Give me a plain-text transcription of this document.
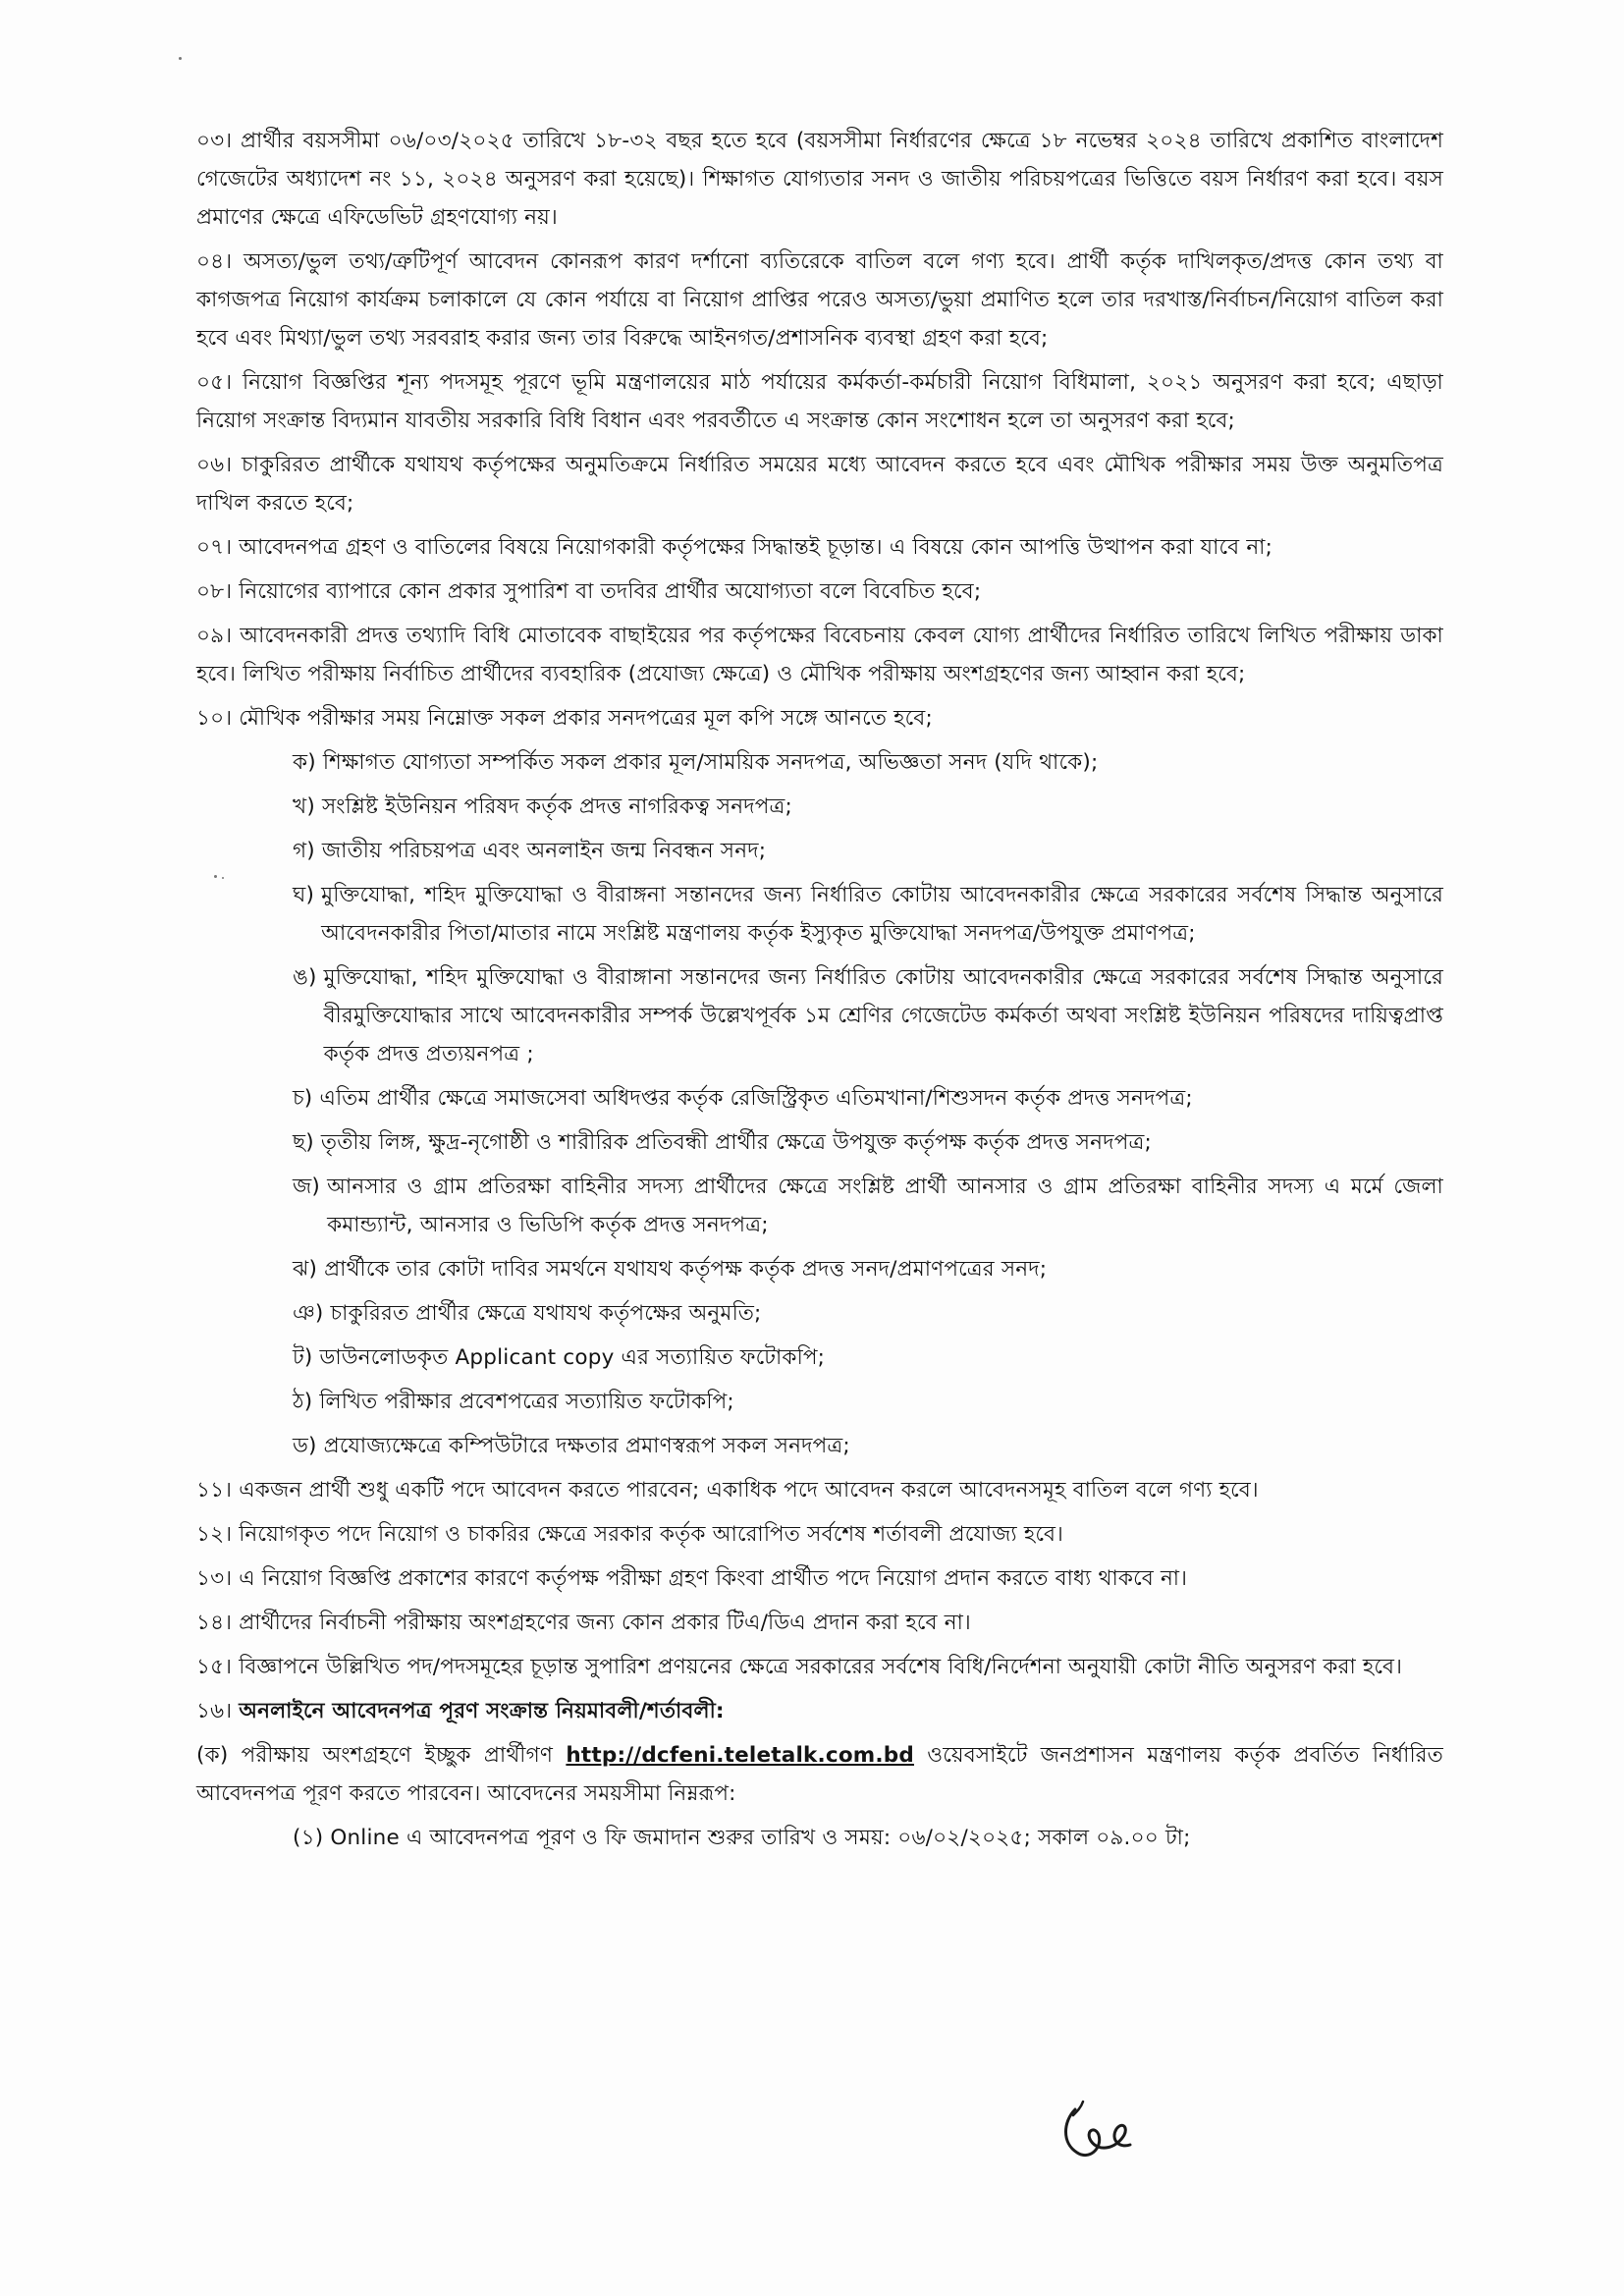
০৩। প্রার্থীর বয়সসীমা ০৬/০৩/২০২৫ তারিখে ১৮-৩২ বছর হতে হবে (বয়সসীমা নির্ধারণের ক্ষেত্রে ১৮ নভেম্বর ২০২৪ তারিখে প্রকাশিত বাংলাদেশ গেজেটের অধ্যাদেশ নং ১১, ২০২৪ অনুসরণ করা হয়েছে)। শিক্ষাগত যোগ্যতার সনদ ও জাতীয় পরিচয়পত্রের ভিত্তিতে বয়স নির্ধারণ করা হবে। বয়স প্রমাণের ক্ষেত্রে এফিডেভিট গ্রহণযোগ্য নয়।

০৪। অসত্য/ভুল তথ্য/ত্রুটিপূর্ণ আবেদন কোনরূপ কারণ দর্শানো ব্যতিরেকে বাতিল বলে গণ্য হবে। প্রার্থী কর্তৃক দাখিলকৃত/প্রদত্ত কোন তথ্য বা কাগজপত্র নিয়োগ কার্যক্রম চলাকালে যে কোন পর্যায়ে বা নিয়োগ প্রাপ্তির পরেও অসত্য/ভুয়া প্রমাণিত হলে তার দরখাস্ত/নির্বাচন/নিয়োগ বাতিল করা হবে এবং মিথ্যা/ভুল তথ্য সরবরাহ করার জন্য তার বিরুদ্ধে আইনগত/প্রশাসনিক ব্যবস্থা গ্রহণ করা হবে;

০৫। নিয়োগ বিজ্ঞপ্তির শূন্য পদসমূহ পূরণে ভূমি মন্ত্রণালয়ের মাঠ পর্যায়ের কর্মকর্তা-কর্মচারী নিয়োগ বিধিমালা, ২০২১ অনুসরণ করা হবে; এছাড়া নিয়োগ সংক্রান্ত বিদ্যমান যাবতীয় সরকারি বিধি বিধান এবং পরবর্তীতে এ সংক্রান্ত কোন সংশোধন হলে তা অনুসরণ করা হবে;

০৬। চাকুরিরত প্রার্থীকে যথাযথ কর্তৃপক্ষের অনুমতিক্রমে নির্ধারিত সময়ের মধ্যে আবেদন করতে হবে এবং মৌখিক পরীক্ষার সময় উক্ত অনুমতিপত্র দাখিল করতে হবে;

০৭। আবেদনপত্র গ্রহণ ও বাতিলের বিষয়ে নিয়োগকারী কর্তৃপক্ষের সিদ্ধান্তই চূড়ান্ত। এ বিষয়ে কোন আপত্তি উত্থাপন করা যাবে না;

০৮। নিয়োগের ব্যাপারে কোন প্রকার সুপারিশ বা তদবির প্রার্থীর অযোগ্যতা বলে বিবেচিত হবে;

০৯। আবেদনকারী প্রদত্ত তথ্যাদি বিধি মোতাবেক বাছাইয়ের পর কর্তৃপক্ষের বিবেচনায় কেবল যোগ্য প্রার্থীদের নির্ধারিত তারিখে লিখিত পরীক্ষায় ডাকা হবে। লিখিত পরীক্ষায় নির্বাচিত প্রার্থীদের ব্যবহারিক (প্রযোজ্য ক্ষেত্রে) ও মৌখিক পরীক্ষায় অংশগ্রহণের জন্য আহ্বান করা হবে;

১০। মৌখিক পরীক্ষার সময় নিম্নোক্ত সকল প্রকার সনদপত্রের মূল কপি সঙ্গে আনতে হবে;

ক) শিক্ষাগত যোগ্যতা সম্পর্কিত সকল প্রকার মূল/সাময়িক সনদপত্র, অভিজ্ঞতা সনদ (যদি থাকে);
খ) সংশ্লিষ্ট ইউনিয়ন পরিষদ কর্তৃক প্রদত্ত নাগরিকত্ব সনদপত্র;
গ) জাতীয় পরিচয়পত্র এবং অনলাইন জন্ম নিবন্ধন সনদ;
ঘ) মুক্তিযোদ্ধা, শহিদ মুক্তিযোদ্ধা ও বীরাঙ্গনা সন্তানদের জন্য নির্ধারিত কোটায় আবেদনকারীর ক্ষেত্রে সরকারের সর্বশেষ সিদ্ধান্ত অনুসারে আবেদনকারীর পিতা/মাতার নামে সংশ্লিষ্ট মন্ত্রণালয় কর্তৃক ইস্যুকৃত মুক্তিযোদ্ধা সনদপত্র/উপযুক্ত প্রমাণপত্র;
ঙ) মুক্তিযোদ্ধা, শহিদ মুক্তিযোদ্ধা ও বীরাঙ্গানা সন্তানদের জন্য নির্ধারিত কোটায় আবেদনকারীর ক্ষেত্রে সরকারের সর্বশেষ সিদ্ধান্ত অনুসারে বীরমুক্তিযোদ্ধার সাথে আবেদনকারীর সম্পর্ক উল্লেখপূর্বক ১ম শ্রেণির গেজেটেড কর্মকর্তা অথবা সংশ্লিষ্ট ইউনিয়ন পরিষদের দায়িত্বপ্রাপ্ত কর্তৃক প্রদত্ত প্রত্যয়নপত্র ;
চ) এতিম প্রার্থীর ক্ষেত্রে সমাজসেবা অধিদপ্তর কর্তৃক রেজিস্ট্রিকৃত এতিমখানা/শিশুসদন কর্তৃক প্রদত্ত সনদপত্র;
ছ) তৃতীয় লিঙ্গ, ক্ষুদ্র-নৃগোষ্ঠী ও শারীরিক প্রতিবন্ধী প্রার্থীর ক্ষেত্রে উপযুক্ত কর্তৃপক্ষ কর্তৃক প্রদত্ত সনদপত্র;
জ) আনসার ও গ্রাম প্রতিরক্ষা বাহিনীর সদস্য প্রার্থীদের ক্ষেত্রে সংশ্লিষ্ট প্রার্থী আনসার ও গ্রাম প্রতিরক্ষা বাহিনীর সদস্য এ মর্মে জেলা কমান্ড্যান্ট, আনসার ও ভিডিপি কর্তৃক প্রদত্ত সনদপত্র;
ঝ) প্রার্থীকে তার কোটা দাবির সমর্থনে যথাযথ কর্তৃপক্ষ কর্তৃক প্রদত্ত সনদ/প্রমাণপত্রের সনদ;
ঞ) চাকুরিরত প্রার্থীর ক্ষেত্রে যথাযথ কর্তৃপক্ষের অনুমতি;
ট) ডাউনলোডকৃত Applicant copy এর সত্যায়িত ফটোকপি;
ঠ) লিখিত পরীক্ষার প্রবেশপত্রের সত্যায়িত ফটোকপি;
ড) প্রযোজ্যক্ষেত্রে কম্পিউটারে দক্ষতার প্রমাণস্বরূপ সকল সনদপত্র;

১১। একজন প্রার্থী শুধু একটি পদে আবেদন করতে পারবেন; একাধিক পদে আবেদন করলে আবেদনসমূহ বাতিল বলে গণ্য হবে।

১২। নিয়োগকৃত পদে নিয়োগ ও চাকরির ক্ষেত্রে সরকার কর্তৃক আরোপিত সর্বশেষ শর্তাবলী প্রযোজ্য হবে।

১৩। এ নিয়োগ বিজ্ঞপ্তি প্রকাশের কারণে কর্তৃপক্ষ পরীক্ষা গ্রহণ কিংবা প্রার্থীত পদে নিয়োগ প্রদান করতে বাধ্য থাকবে না।

১৪। প্রার্থীদের নির্বাচনী পরীক্ষায় অংশগ্রহণের জন্য কোন প্রকার টিএ/ডিএ প্রদান করা হবে না।

১৫। বিজ্ঞাপনে উল্লিখিত পদ/পদসমূহের চূড়ান্ত সুপারিশ প্রণয়নের ক্ষেত্রে সরকারের সর্বশেষ বিধি/নির্দেশনা অনুযায়ী কোটা নীতি অনুসরণ করা হবে।

১৬। অনলাইনে আবেদনপত্র পূরণ সংক্রান্ত নিয়মাবলী/শর্তাবলী:

(ক) পরীক্ষায় অংশগ্রহণে ইচ্ছুক প্রার্থীগণ http://dcfeni.teletalk.com.bd ওয়েবসাইটে জনপ্রশাসন মন্ত্রণালয় কর্তৃক প্রবর্তিত নির্ধারিত আবেদনপত্র পূরণ করতে পারবেন। আবেদনের সময়সীমা নিম্নরূপ:

(১) Online এ আবেদনপত্র পূরণ ও ফি জমাদান শুরুর তারিখ ও সময়: ০৬/০২/২০২৫; সকাল ০৯.০০ টা;
